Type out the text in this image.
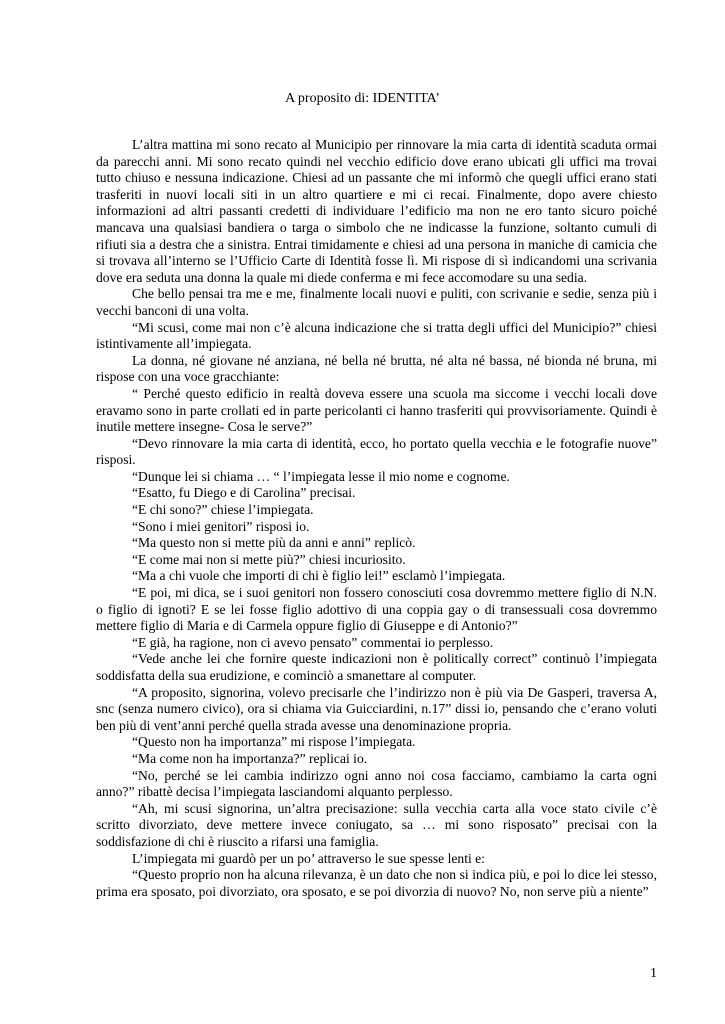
A proposito di: IDENTITA’

L’altra mattina mi sono recato al Municipio per rinnovare la mia carta di identità scaduta ormai da parecchi anni. Mi sono recato quindi nel vecchio edificio dove erano ubicati gli uffici ma trovai tutto chiuso e nessuna indicazione. Chiesi ad un passante che mi informò che quegli uffici erano stati trasferiti in nuovi locali siti in un altro quartiere e mi ci recai. Finalmente, dopo avere chiesto informazioni ad altri passanti credetti di individuare l’edificio ma non ne ero tanto sicuro poiché mancava una qualsiasi bandiera o targa o simbolo che ne indicasse la funzione, soltanto cumuli di rifiuti sia a destra che a sinistra. Entrai timidamente e chiesi ad una persona in maniche di camicia che si trovava all’interno se l’Ufficio Carte di Identità fosse lì. Mi rispose di sì indicandomi una scrivania dove era seduta una donna la quale mi diede conferma e mi fece accomodare su una sedia.

Che bello pensai tra me e me, finalmente locali nuovi e puliti, con scrivanie e sedie, senza più i vecchi banconi di una volta.

“Mi scusi, come mai non c’è alcuna indicazione che si tratta degli uffici del Municipio?” chiesi istintivamente all’impiegata.

La donna, né giovane né anziana, né bella né brutta, né alta né bassa, né bionda né bruna, mi rispose con una voce gracchiante:

“ Perché questo edificio in realtà doveva essere una scuola ma siccome i vecchi locali dove eravamo sono in parte crollati ed in parte pericolanti ci hanno trasferiti qui provvisoriamente. Quindi è inutile mettere insegne- Cosa le serve?”

“Devo rinnovare la mia carta di identità, ecco, ho portato quella vecchia e le fotografie nuove” risposi.

“Dunque lei si chiama … “ l’impiegata lesse il mio nome e cognome.

“Esatto, fu Diego e di Carolina” precisai.

“E chi sono?” chiese l’impiegata.

“Sono i miei genitori” risposi io.

“Ma questo non si mette più da anni e anni” replicò.

“E come mai non si mette più?” chiesi incuriosito.

“Ma a chi vuole che importi di chi è figlio lei!” esclamò l’impiegata.

“E poi, mi dica, se i suoi genitori non fossero conosciuti cosa dovremmo mettere figlio di N.N. o figlio di ignoti? E se lei fosse figlio adottivo di una coppia gay o di transessuali cosa dovremmo mettere figlio di Maria e di Carmela oppure figlio di Giuseppe e di Antonio?”

“E già, ha ragione, non ci avevo pensato” commentai io perplesso.

“Vede anche lei che fornire queste indicazioni non è politically correct” continuò l’impiegata soddisfatta della sua erudizione, e cominciò a smanettare al computer.

“A proposito, signorina, volevo precisarle che l’indirizzo non è più via De Gasperi, traversa A, snc (senza numero civico), ora si chiama via Guicciardini, n.17” dissi io, pensando che c’erano voluti ben più di vent’anni perché quella strada avesse una denominazione propria.

“Questo non ha importanza” mi rispose l’impiegata.

“Ma come non ha importanza?” replicai io.

“No, perché se lei cambia indirizzo ogni anno noi cosa facciamo, cambiamo la carta ogni anno?” ribattè decisa l’impiegata lasciandomi alquanto perplesso.

“Ah, mi scusi signorina, un’altra precisazione: sulla vecchia carta alla voce stato civile c’è scritto divorziato, deve mettere invece coniugato, sa … mi sono risposato” precisai con la soddisfazione di chi è riuscito a rifarsi una famiglia.

L’impiegata mi guardò per un po’ attraverso le sue spesse lenti e:

“Questo proprio non ha alcuna rilevanza, è un dato che non si indica più, e poi lo dice lei stesso, prima era sposato, poi divorziato, ora sposato, e se poi divorzia di nuovo? No, non serve più a niente”

1
